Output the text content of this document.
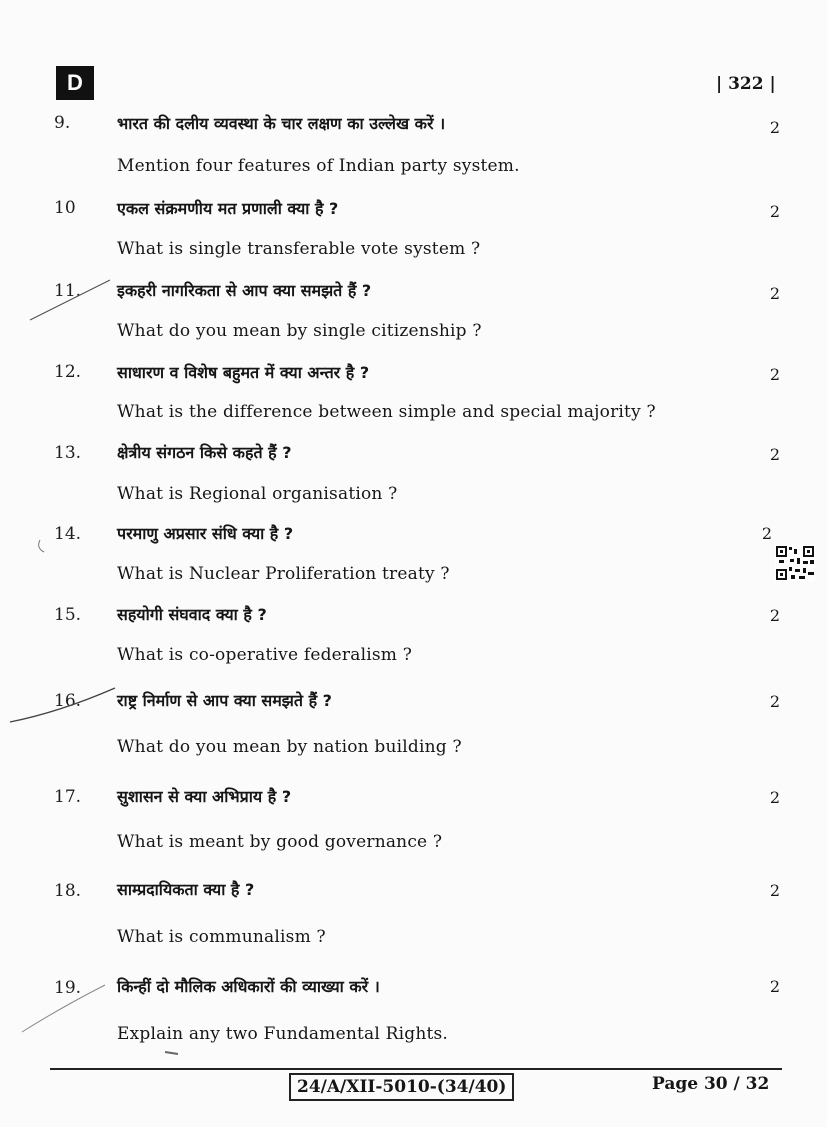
D	| 322 |
9.	भारत की दलीय व्यवस्था के चार लक्षण का उल्लेख करें ।	2
Mention four features of Indian party system.
10	एकल संक्रमणीय मत प्रणाली क्या है ?	2
What is single transferable vote system ?
11.	इकहरी नागरिकता से आप क्या समझते हैं ?	2
What do you mean by single citizenship ?
12.	साधारण व विशेष बहुमत में क्या अन्तर है ?	2
What is the difference between simple and special majority ?
13.	क्षेत्रीय संगठन किसे कहते हैं ?	2
What is Regional organisation ?
14.	परमाणु अप्रसार संधि क्या है ?	2
What is Nuclear Proliferation treaty ?
15.	सहयोगी संघवाद क्या है ?	2
What is co-operative federalism ?
16.	राष्ट्र निर्माण से आप क्या समझते हैं ?	2
What do you mean by nation building ?
17.	सुशासन से क्या अभिप्राय है ?	2
What is meant by good governance ?
18.	साम्प्रदायिकता क्या है ?	2
What is communalism ?
19.	किन्हीं दो मौलिक अधिकारों की व्याख्या करें ।	2
Explain any two Fundamental Rights.
24/A/XII-5010-(34/40)	Page 30 / 32
